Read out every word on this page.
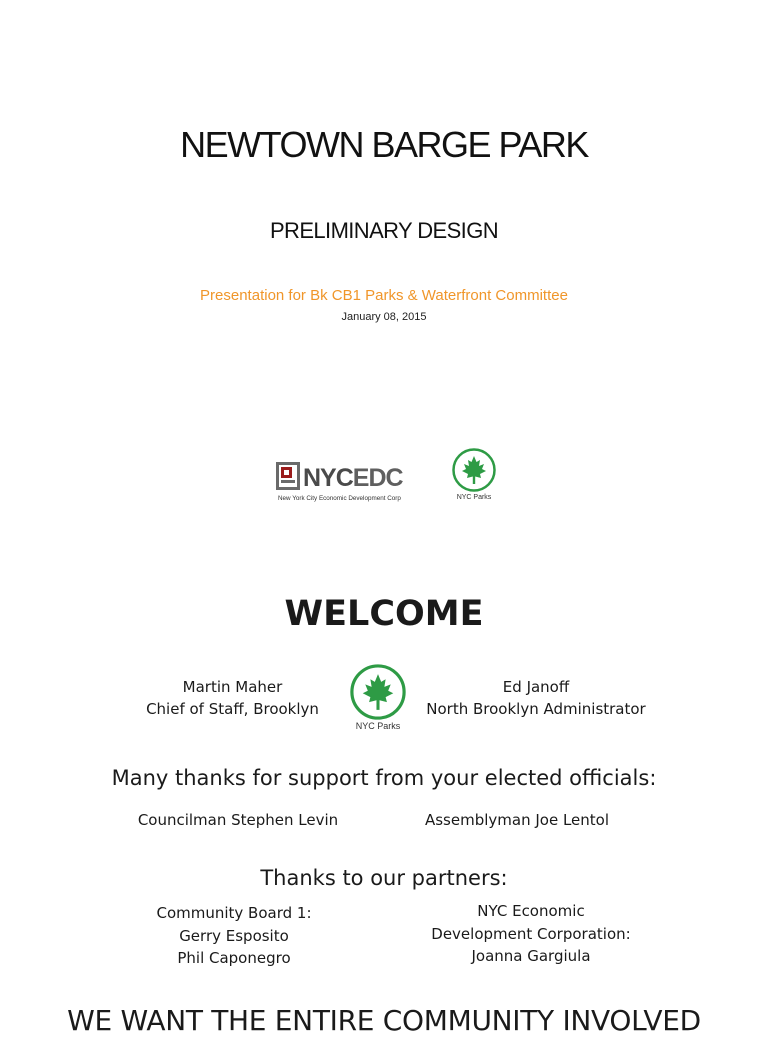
NEWTOWN BARGE PARK
PRELIMINARY DESIGN
Presentation for Bk CB1 Parks & Waterfront Committee
January 08, 2015
NYCEDC
New York City Economic Development Corp	NYC Parks
WELCOME
Martin Maher
Chief of Staff, Brooklyn
NYC Parks
Ed Janoff
North Brooklyn Administrator
Many thanks for support from your elected officials:
Councilman Stephen Levin	Assemblyman Joe Lentol
Thanks to our partners:
Community Board 1:
Gerry Esposito
Phil Caponegro
NYC Economic
Development Corporation:
Joanna Gargiula
WE WANT THE ENTIRE COMMUNITY INVOLVED
